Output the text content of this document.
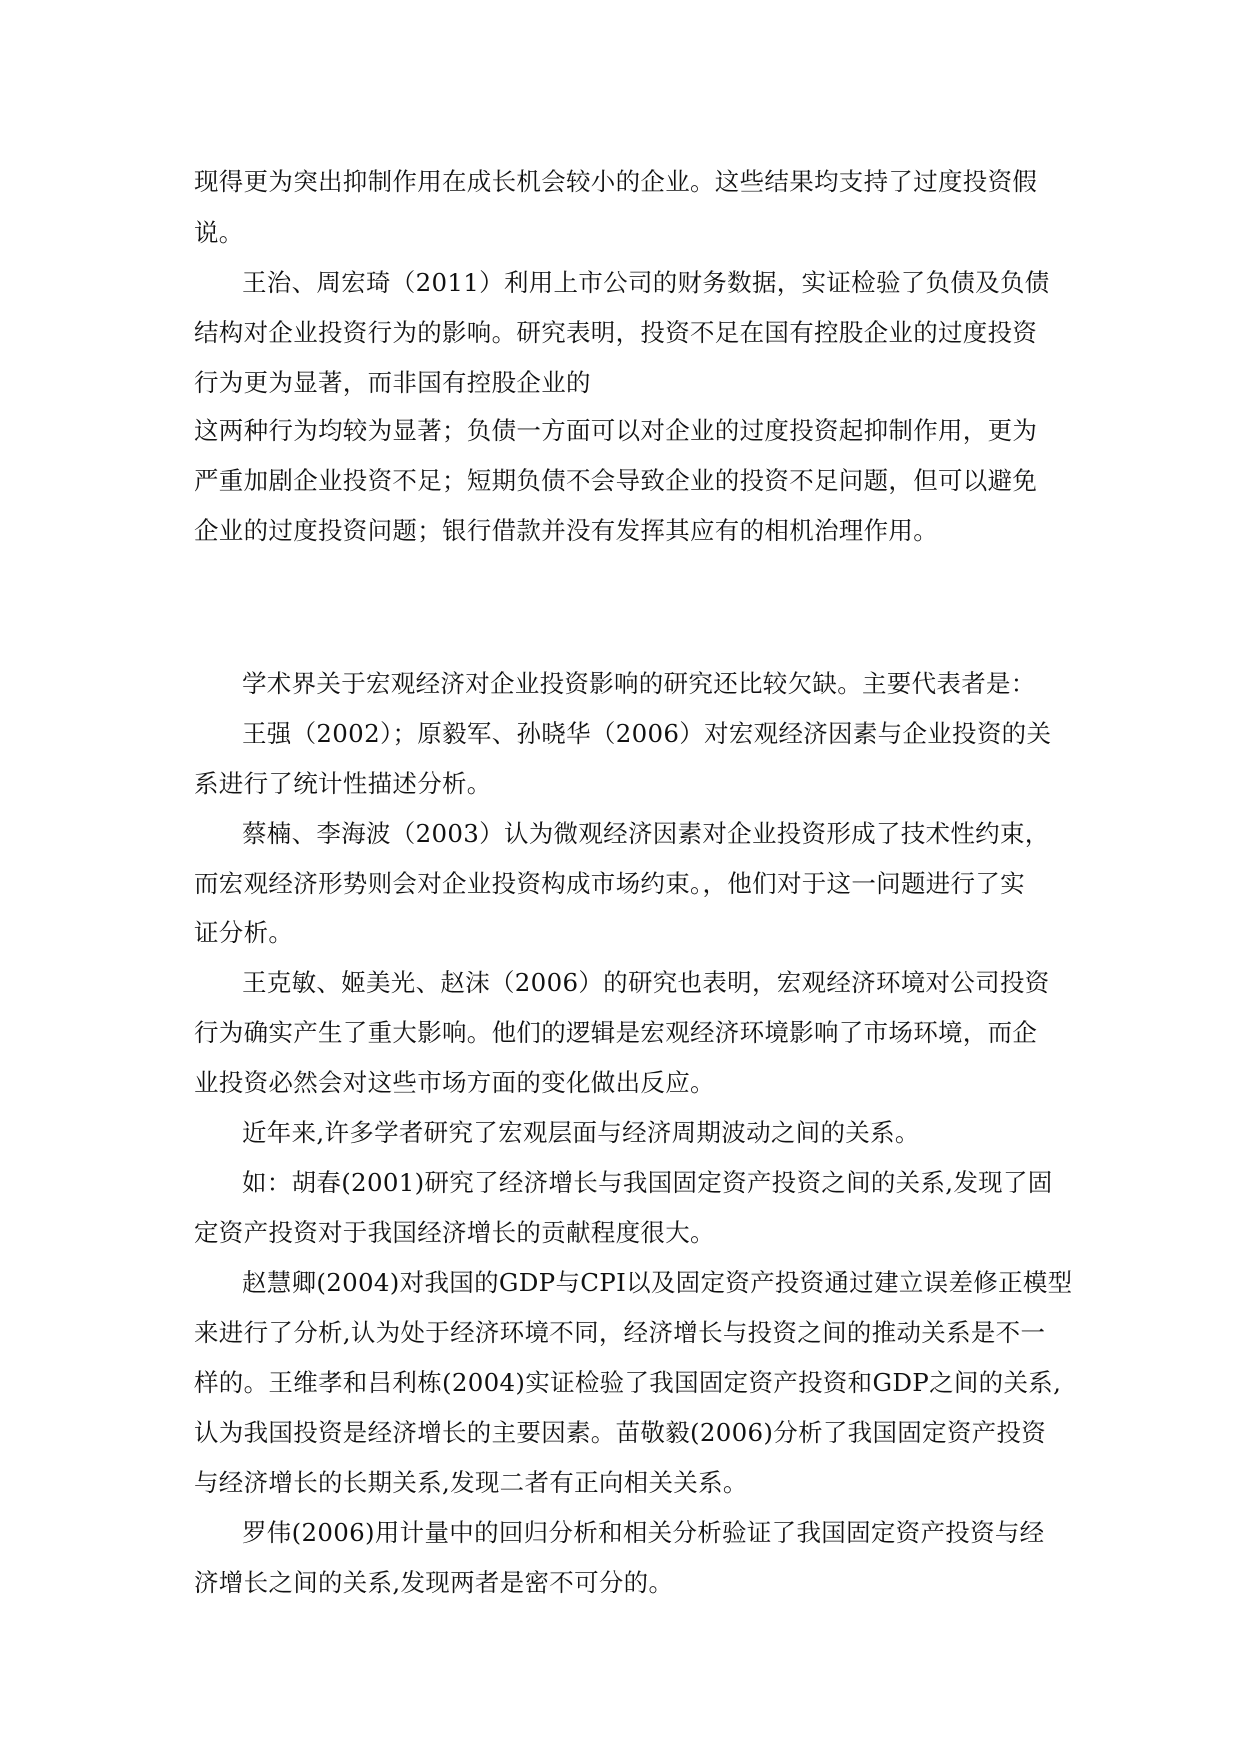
现得更为突出抑制作用在成长机会较小的企业。这些结果均支持了过度投资假

说。

王治、周宏琦（2011）利用上市公司的财务数据，实证检验了负债及负债

结构对企业投资行为的影响。研究表明，投资不足在国有控股企业的过度投资

行为更为显著，而非国有控股企业的

这两种行为均较为显著；负债一方面可以对企业的过度投资起抑制作用，更为

严重加剧企业投资不足；短期负债不会导致企业的投资不足问题，但可以避免

企业的过度投资问题；银行借款并没有发挥其应有的相机治理作用。

学术界关于宏观经济对企业投资影响的研究还比较欠缺。主要代表者是：

王强（2002）；原毅军、孙晓华（2006）对宏观经济因素与企业投资的关

系进行了统计性描述分析。

蔡楠、李海波（2003）认为微观经济因素对企业投资形成了技术性约束，

而宏观经济形势则会对企业投资构成市场约束。，他们对于这一问题进行了实

证分析。

王克敏、姬美光、赵沫（2006）的研究也表明，宏观经济环境对公司投资

行为确实产生了重大影响。他们的逻辑是宏观经济环境影响了市场环境，而企

业投资必然会对这些市场方面的变化做出反应。

近年来,许多学者研究了宏观层面与经济周期波动之间的关系。

如：胡春(2001)研究了经济增长与我国固定资产投资之间的关系,发现了固

定资产投资对于我国经济增长的贡献程度很大。

赵慧卿(2004)对我国的GDP与CPI以及固定资产投资通过建立误差修正模型

来进行了分析,认为处于经济环境不同，经济增长与投资之间的推动关系是不一

样的。王维孝和吕利栋(2004)实证检验了我国固定资产投资和GDP之间的关系,

认为我国投资是经济增长的主要因素。苗敬毅(2006)分析了我国固定资产投资

与经济增长的长期关系,发现二者有正向相关关系。

罗伟(2006)用计量中的回归分析和相关分析验证了我国固定资产投资与经

济增长之间的关系,发现两者是密不可分的。
